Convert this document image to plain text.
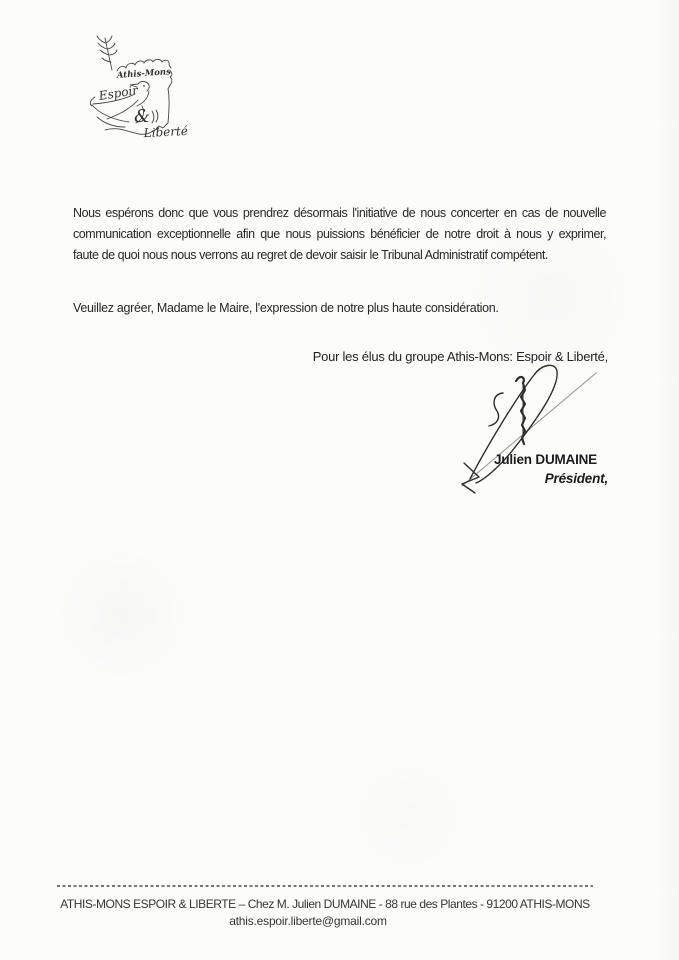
Athis-Mons
Espoir
&
Liberté
Nous espérons donc que vous prendrez désormais l'initiative de nous concerter en cas de nouvelle
communication exceptionnelle afin que nous puissions bénéficier de notre droit à nous y exprimer,
faute de quoi nous nous verrons au regret de devoir saisir le Tribunal Administratif compétent.
Veuillez agréer, Madame le Maire, l'expression de notre plus haute considération.
Pour les élus du groupe Athis-Mons: Espoir & Liberté,
Julien DUMAINE
Président,
ATHIS-MONS ESPOIR & LIBERTE – Chez M. Julien DUMAINE - 88 rue des Plantes - 91200 ATHIS-MONS
athis.espoir.liberte@gmail.com
